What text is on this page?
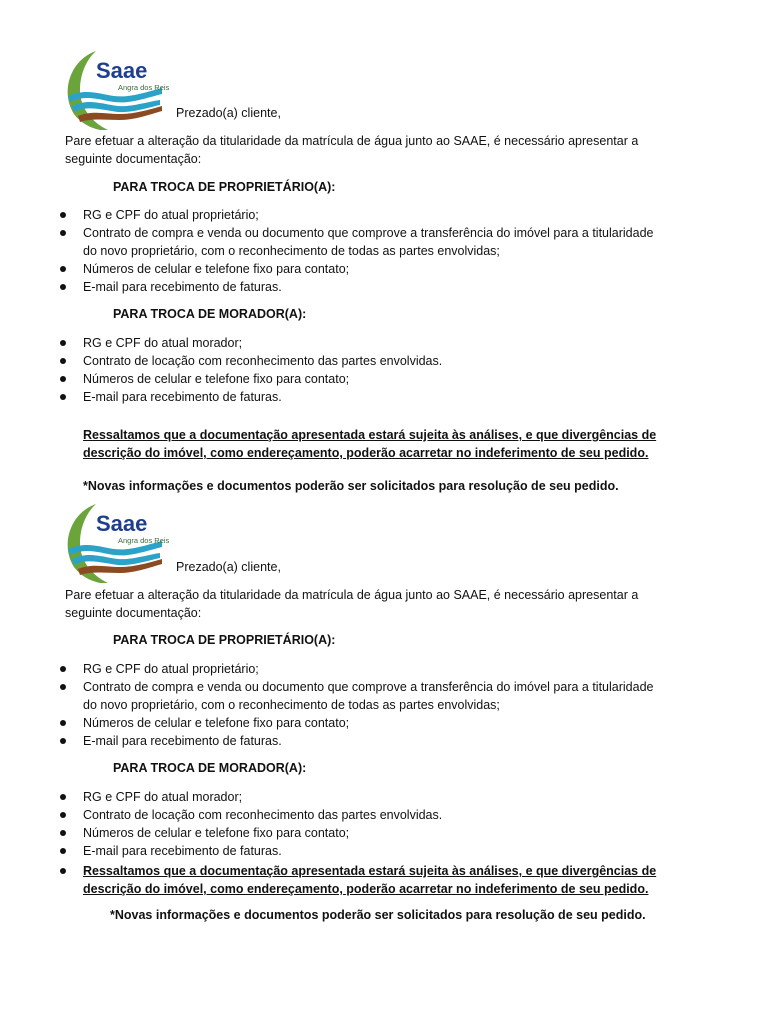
Saae
Angra dos Reis
Prezado(a) cliente,
Pare efetuar a alteração da titularidade da matrícula de água junto ao SAAE, é necessário apresentar a seguinte documentação:
PARA TROCA DE PROPRIETÁRIO(A):
RG e CPF do atual proprietário;
Contrato de compra e venda ou documento que comprove a transferência do imóvel para a titularidade do novo proprietário, com o reconhecimento de todas as partes envolvidas;
Números de celular e telefone fixo para contato;
E-mail para recebimento de faturas.
PARA TROCA DE MORADOR(A):
RG e CPF do atual morador;
Contrato de locação com reconhecimento das partes envolvidas.
Números de celular e telefone fixo para contato;
E-mail para recebimento de faturas.
Ressaltamos que a documentação apresentada estará sujeita às análises, e que divergências de descrição do imóvel, como endereçamento, poderão acarretar no indeferimento de seu pedido.
*Novas informações e documentos poderão ser solicitados para resolução de seu pedido.
Saae
Angra dos Reis
Prezado(a) cliente,
Pare efetuar a alteração da titularidade da matrícula de água junto ao SAAE, é necessário apresentar a seguinte documentação:
PARA TROCA DE PROPRIETÁRIO(A):
RG e CPF do atual proprietário;
Contrato de compra e venda ou documento que comprove a transferência do imóvel para a titularidade do novo proprietário, com o reconhecimento de todas as partes envolvidas;
Números de celular e telefone fixo para contato;
E-mail para recebimento de faturas.
PARA TROCA DE MORADOR(A):
RG e CPF do atual morador;
Contrato de locação com reconhecimento das partes envolvidas.
Números de celular e telefone fixo para contato;
E-mail para recebimento de faturas.
Ressaltamos que a documentação apresentada estará sujeita às análises, e que divergências de descrição do imóvel, como endereçamento, poderão acarretar no indeferimento de seu pedido.
*Novas informações e documentos poderão ser solicitados para resolução de seu pedido.
